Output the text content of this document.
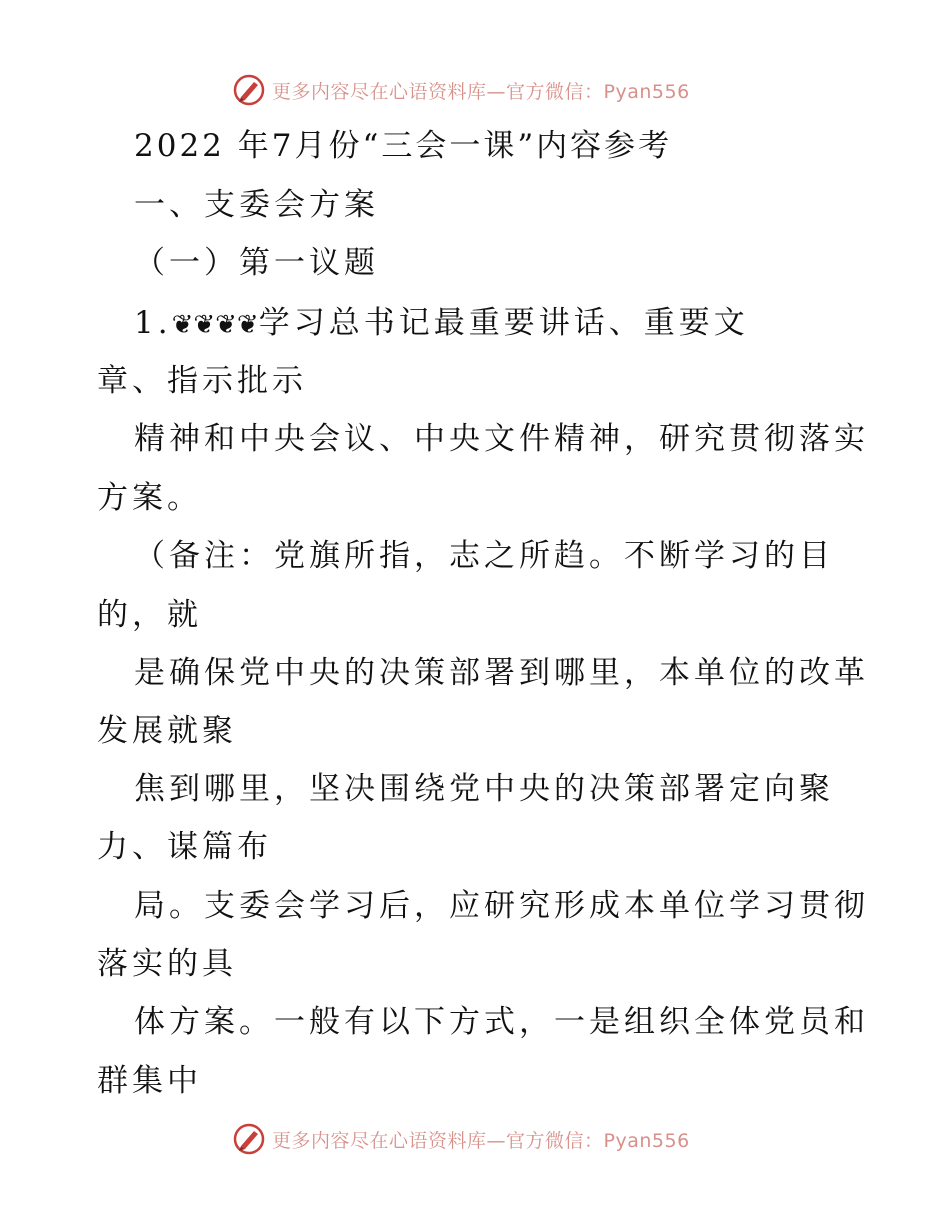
更多内容尽在心语资料库—官方微信：Pyan556
2022 年7月份“三会一课”内容参考
一、支委会方案
（一）第一议题
1.❦❦❦❦学习总书记最重要讲话、重要文
章、指示批示
精神和中央会议、中央文件精神，研究贯彻落实
方案。
（备注：党旗所指，志之所趋。不断学习的目
的，就
是确保党中央的决策部署到哪里，本单位的改革
发展就聚
焦到哪里，坚决围绕党中央的决策部署定向聚
力、谋篇布
局。支委会学习后，应研究形成本单位学习贯彻
落实的具
体方案。一般有以下方式，一是组织全体党员和
群集中
更多内容尽在心语资料库—官方微信：Pyan556
